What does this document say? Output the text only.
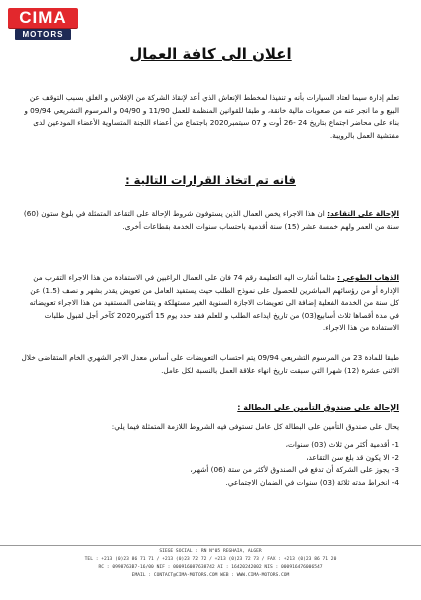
CIMA
MOTORS
اعلان الى كافة العمال
تعلم إدارة سيما لعتاد السيارات بأنه و تنفيذا لمخطط الإنعاش الذي أعد لإنقاذ الشركة من الإفلاس و الغلق بسبب التوقف عن البيع و ما انجر عنه من صعوبات مالية خانقة، و طبقا للقوانين المنظمة للعمل 11/90 و 04/90 و المرسوم التشريعي 09/94 و بناء على محاضر اجتماع بتاريخ 24 -26 أوت و 07 سبتمبر2020 باجتماع من أعضاء اللجنة المتساوية الأعضاء المودعين لدى مفتشية العمل بالرويبة.
فانه تم اتخاذ القرارات التالية :
الإحالة على التقاعد: ان هذا الاجراء يخص العمال الذين يستوفون شروط الإحالة على التقاعد المتمثلة في بلوغ ستون (60) سنة من العمر ولهم خمسة عشر (15) سنة أقدمية باحتساب سنوات الخدمة بقطاعات أخرى.
الذهاب الطوعي : مثلما أشارت اليه التعليمة رقم 74 فان على العمال الراغبين في الاستفادة من هذا الاجراء التقرب من الإدارة أو من رؤسائهم المباشرين للحصول على نموذج الطلب حيث يستفيد العامل من تعويض يقدر بشهر و نصف (1.5) عن كل سنة من الخدمة الفعلية إضافة الى تعويضات الاجازة السنوية الغير مستهلكة و يتقاضى المستفيد من هذا الاجراء تعويضاته في مدة أقصاها ثلاث أسابيع(03) من تاريخ ايداعه الطلب و للعلم فقد حدد يوم 15 أكتوبر2020 كآخر أجل لقبول طلبات الاستفادة من هذا الاجراء.
طبقا للمادة 23 من المرسوم التشريعي 09/94 يتم احتساب التعويضات على أساس معدل الاجر الشهري الخام المتقاضى خلال الاثنى عشرة (12) شهرا التي سبقت تاريخ انهاء علاقة العمل بالنسبة لكل عامل.
الإحالة على صندوق التأمين على البطالة :
يحال على صندوق التأمين على البطالة كل عامل تستوفى فيه الشروط اللازمة المتمثلة فيما يلي:
1- أقدمية أكثر من ثلاث (03) سنوات،
2- الا يكون قد بلغ سن التقاعد،
3- يجوز على الشركة أن تدفع في الصندوق لأكثر من ستة (06) أشهر،
4- انخراط مدته ثلاثة (03) سنوات في الضمان الاجتماعي.
SIEGE SOCIAL : RN N°05 REGHAIA, ALGER
TEL : +213 (0)23 86 71 71 / +213 (0)23 72 72 / +213 (0)23 72 73 / FAX : +213 (0)23 86 71 20
RC : 0998763B7-16/00 NIF : 000916087638742 AI : 16420242002 NIS : 000916476006547
EMAIL : CONTACT@CIMA-MOTORS.COM WEB : WWW.CIMA-MOTORS.COM
